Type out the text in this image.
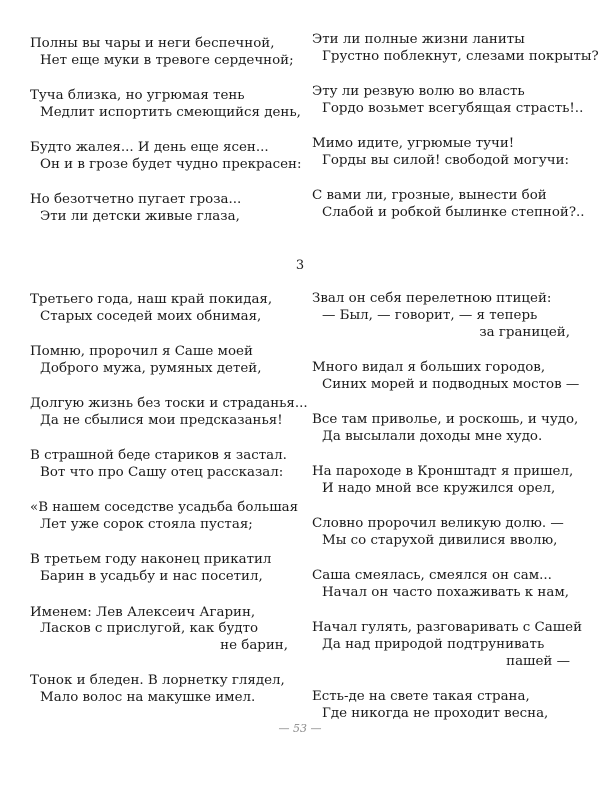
Полны вы чары и неги беспечной,
Нет еще муки в тревоге сердечной;
Туча близка, но угрюмая тень
Медлит испортить смеющийся день,
Будто жалея... И день еще ясен...
Он и в грозе будет чудно прекрасен:
Но безотчетно пугает гроза...
Эти ли детски живые глаза,
Эти ли полные жизни ланиты
Грустно поблекнут, слезами покрыты?
Эту ли резвую волю во власть
Гордо возьмет всегубящая страсть!..
Мимо идите, угрюмые тучи!
Горды вы силой! свободой могучи:
С вами ли, грозные, вынести бой
Слабой и робкой былинке степной?..
3
Третьего года, наш край покидая,
Старых соседей моих обнимая,
Помню, пророчил я Саше моей
Доброго мужа, румяных детей,
Долгую жизнь без тоски и страданья...
Да не сбылися мои предсказанья!
В страшной беде стариков я застал.
Вот что про Сашу отец рассказал:
«В нашем соседстве усадьба большая
Лет уже сорок стояла пустая;
В третьем году наконец прикатил
Барин в усадьбу и нас посетил,
Именем: Лев Алексеич Агарин,
Ласков с прислугой, как будто
не барин,
Тонок и бледен. В лорнетку глядел,
Мало волос на макушке имел.
Звал он себя перелетною птицей:
— Был, — говорит, — я теперь
за границей,
Много видал я больших городов,
Синих морей и подводных мостов —
Все там приволье, и роскошь, и чудо,
Да высылали доходы мне худо.
На пароходе в Кронштадт я пришел,
И надо мной все кружился орел,
Словно пророчил великую долю. —
Мы со старухой дивилися вволю,
Саша смеялась, смеялся он сам...
Начал он часто похаживать к нам,
Начал гулять, разговаривать с Сашей
Да над природой подтрунивать
пашей —
Есть-де на свете такая страна,
Где никогда не проходит весна,
— 53 —
